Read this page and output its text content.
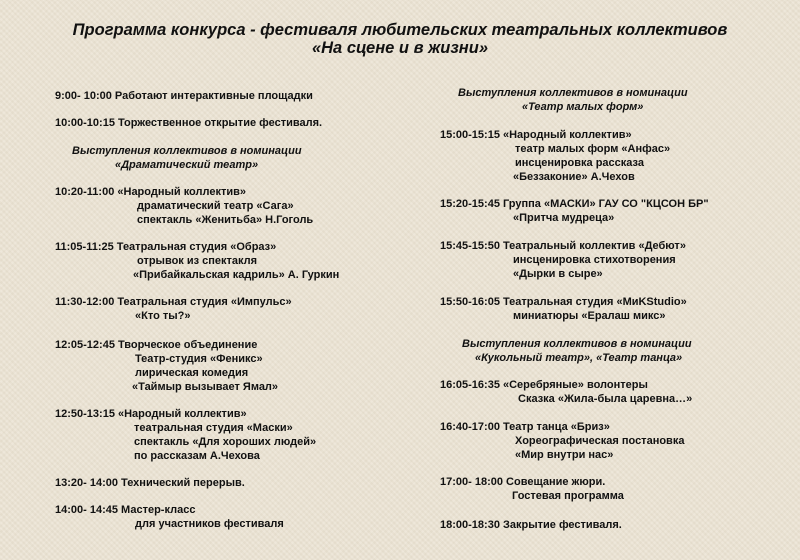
Программа конкурса - фестиваля любительских театральных коллективов
«На сцене и в жизни»
9:00- 10:00 Работают интерактивные площадки
10:00-10:15 Торжественное открытие фестиваля.
Выступления коллективов в номинации
«Драматический театр»
10:20-11:00 «Народный коллектив»
драматический театр «Сага»
спектакль «Женитьба» Н.Гоголь
11:05-11:25 Театральная студия «Образ»
отрывок из спектакля
«Прибайкальская кадриль» А. Гуркин
11:30-12:00 Театральная студия «Импульс»
«Кто ты?»
12:05-12:45 Творческое объединение
Театр-студия «Феникс»
лирическая комедия
«Таймыр вызывает Ямал»
12:50-13:15 «Народный коллектив»
театральная студия «Маски»
спектакль «Для хороших людей»
по рассказам А.Чехова
13:20- 14:00 Технический перерыв.
14:00- 14:45 Мастер-класс
для участников фестиваля
Выступления коллективов в номинации
«Театр малых форм»
15:00-15:15 «Народный коллектив»
театр малых форм «Анфас»
инсценировка рассказа
«Беззаконие» А.Чехов
15:20-15:45 Группа «МАСКИ» ГАУ СО "КЦСОН БР"
«Притча мудреца»
15:45-15:50 Театральный коллектив «Дебют»
инсценировка стихотворения
«Дырки в сыре»
15:50-16:05 Театральная студия «МиKStudio»
миниатюры «Ералаш микс»
Выступления коллективов в номинации
«Кукольный театр», «Театр танца»
16:05-16:35 «Серебряные» волонтеры
Сказка «Жила-была царевна…»
16:40-17:00 Театр танца «Бриз»
Хореографическая постановка
«Мир внутри нас»
17:00- 18:00 Совещание жюри.
Гостевая программа
18:00-18:30 Закрытие фестиваля.
